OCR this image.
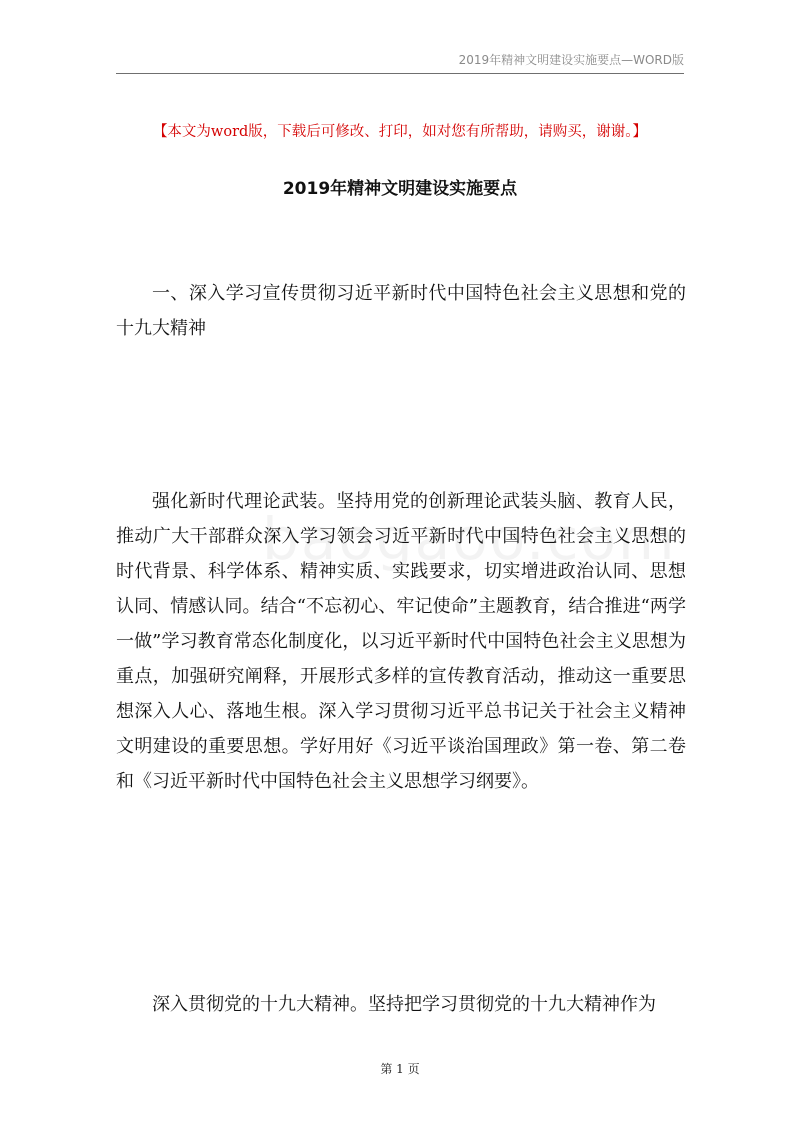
2019年精神文明建设实施要点—WORD版
【本文为word版，下载后可修改、打印，如对您有所帮助，请购买，谢谢。】
2019年精神文明建设实施要点

一、深入学习宣传贯彻习近平新时代中国特色社会主义思想和党的十九大精神

强化新时代理论武装。坚持用党的创新理论武装头脑、教育人民，推动广大干部群众深入学习领会习近平新时代中国特色社会主义思想的时代背景、科学体系、精神实质、实践要求，切实增进政治认同、思想认同、情感认同。结合“不忘初心、牢记使命”主题教育，结合推进“两学一做”学习教育常态化制度化，以习近平新时代中国特色社会主义思想为重点，加强研究阐释，开展形式多样的宣传教育活动，推动这一重要思想深入人心、落地生根。深入学习贯彻习近平总书记关于社会主义精神文明建设的重要思想。学好用好《习近平谈治国理政》第一卷、第二卷和《习近平新时代中国特色社会主义思想学习纲要》。

深入贯彻党的十九大精神。坚持把学习贯彻党的十九大精神作为

第 1 页
